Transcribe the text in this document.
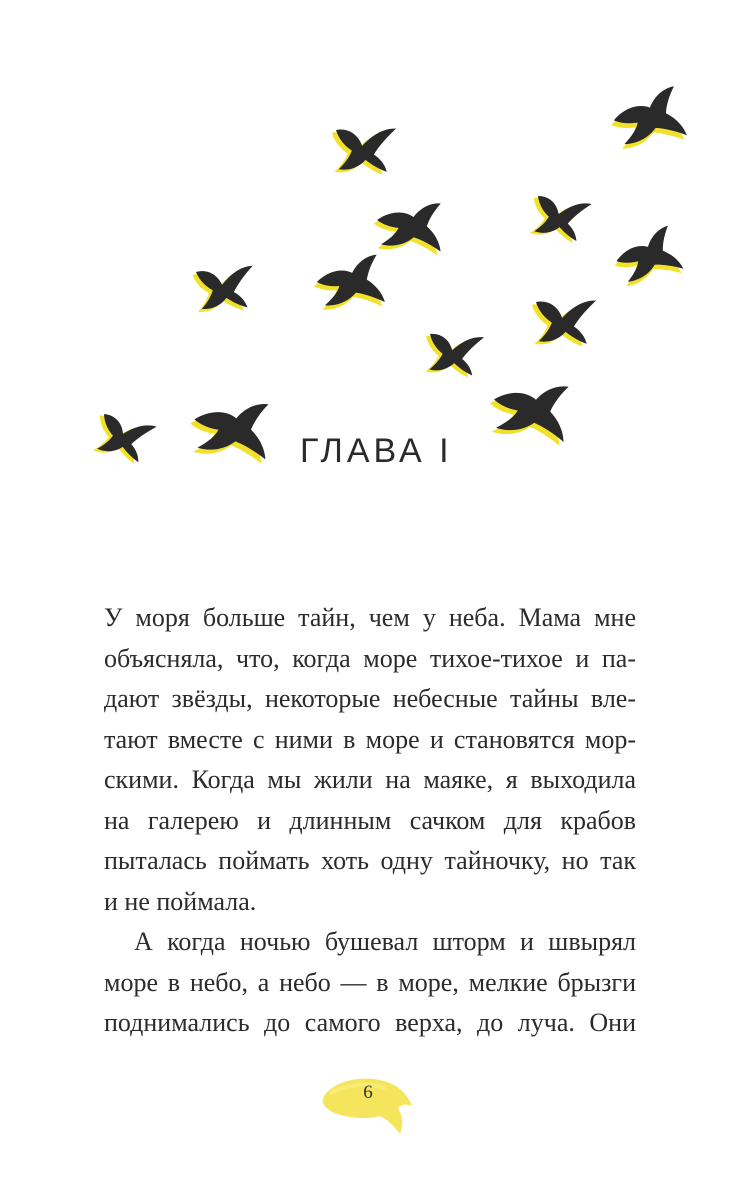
ГЛАВА I
У моря больше тайн, чем у неба. Мама мне
объясняла, что, когда море тихое-тихое и па-
дают звёзды, некоторые небесные тайны вле-
тают вместе с ними в море и становятся мор-
скими. Когда мы жили на маяке, я выходила
на галерею и длинным сачком для крабов
пыталась поймать хоть одну тайночку, но так
и не поймала.
А когда ночью бушевал шторм и швырял
море в небо, а небо — в море, мелкие брызги
поднимались до самого верха, до луча. Они
6
